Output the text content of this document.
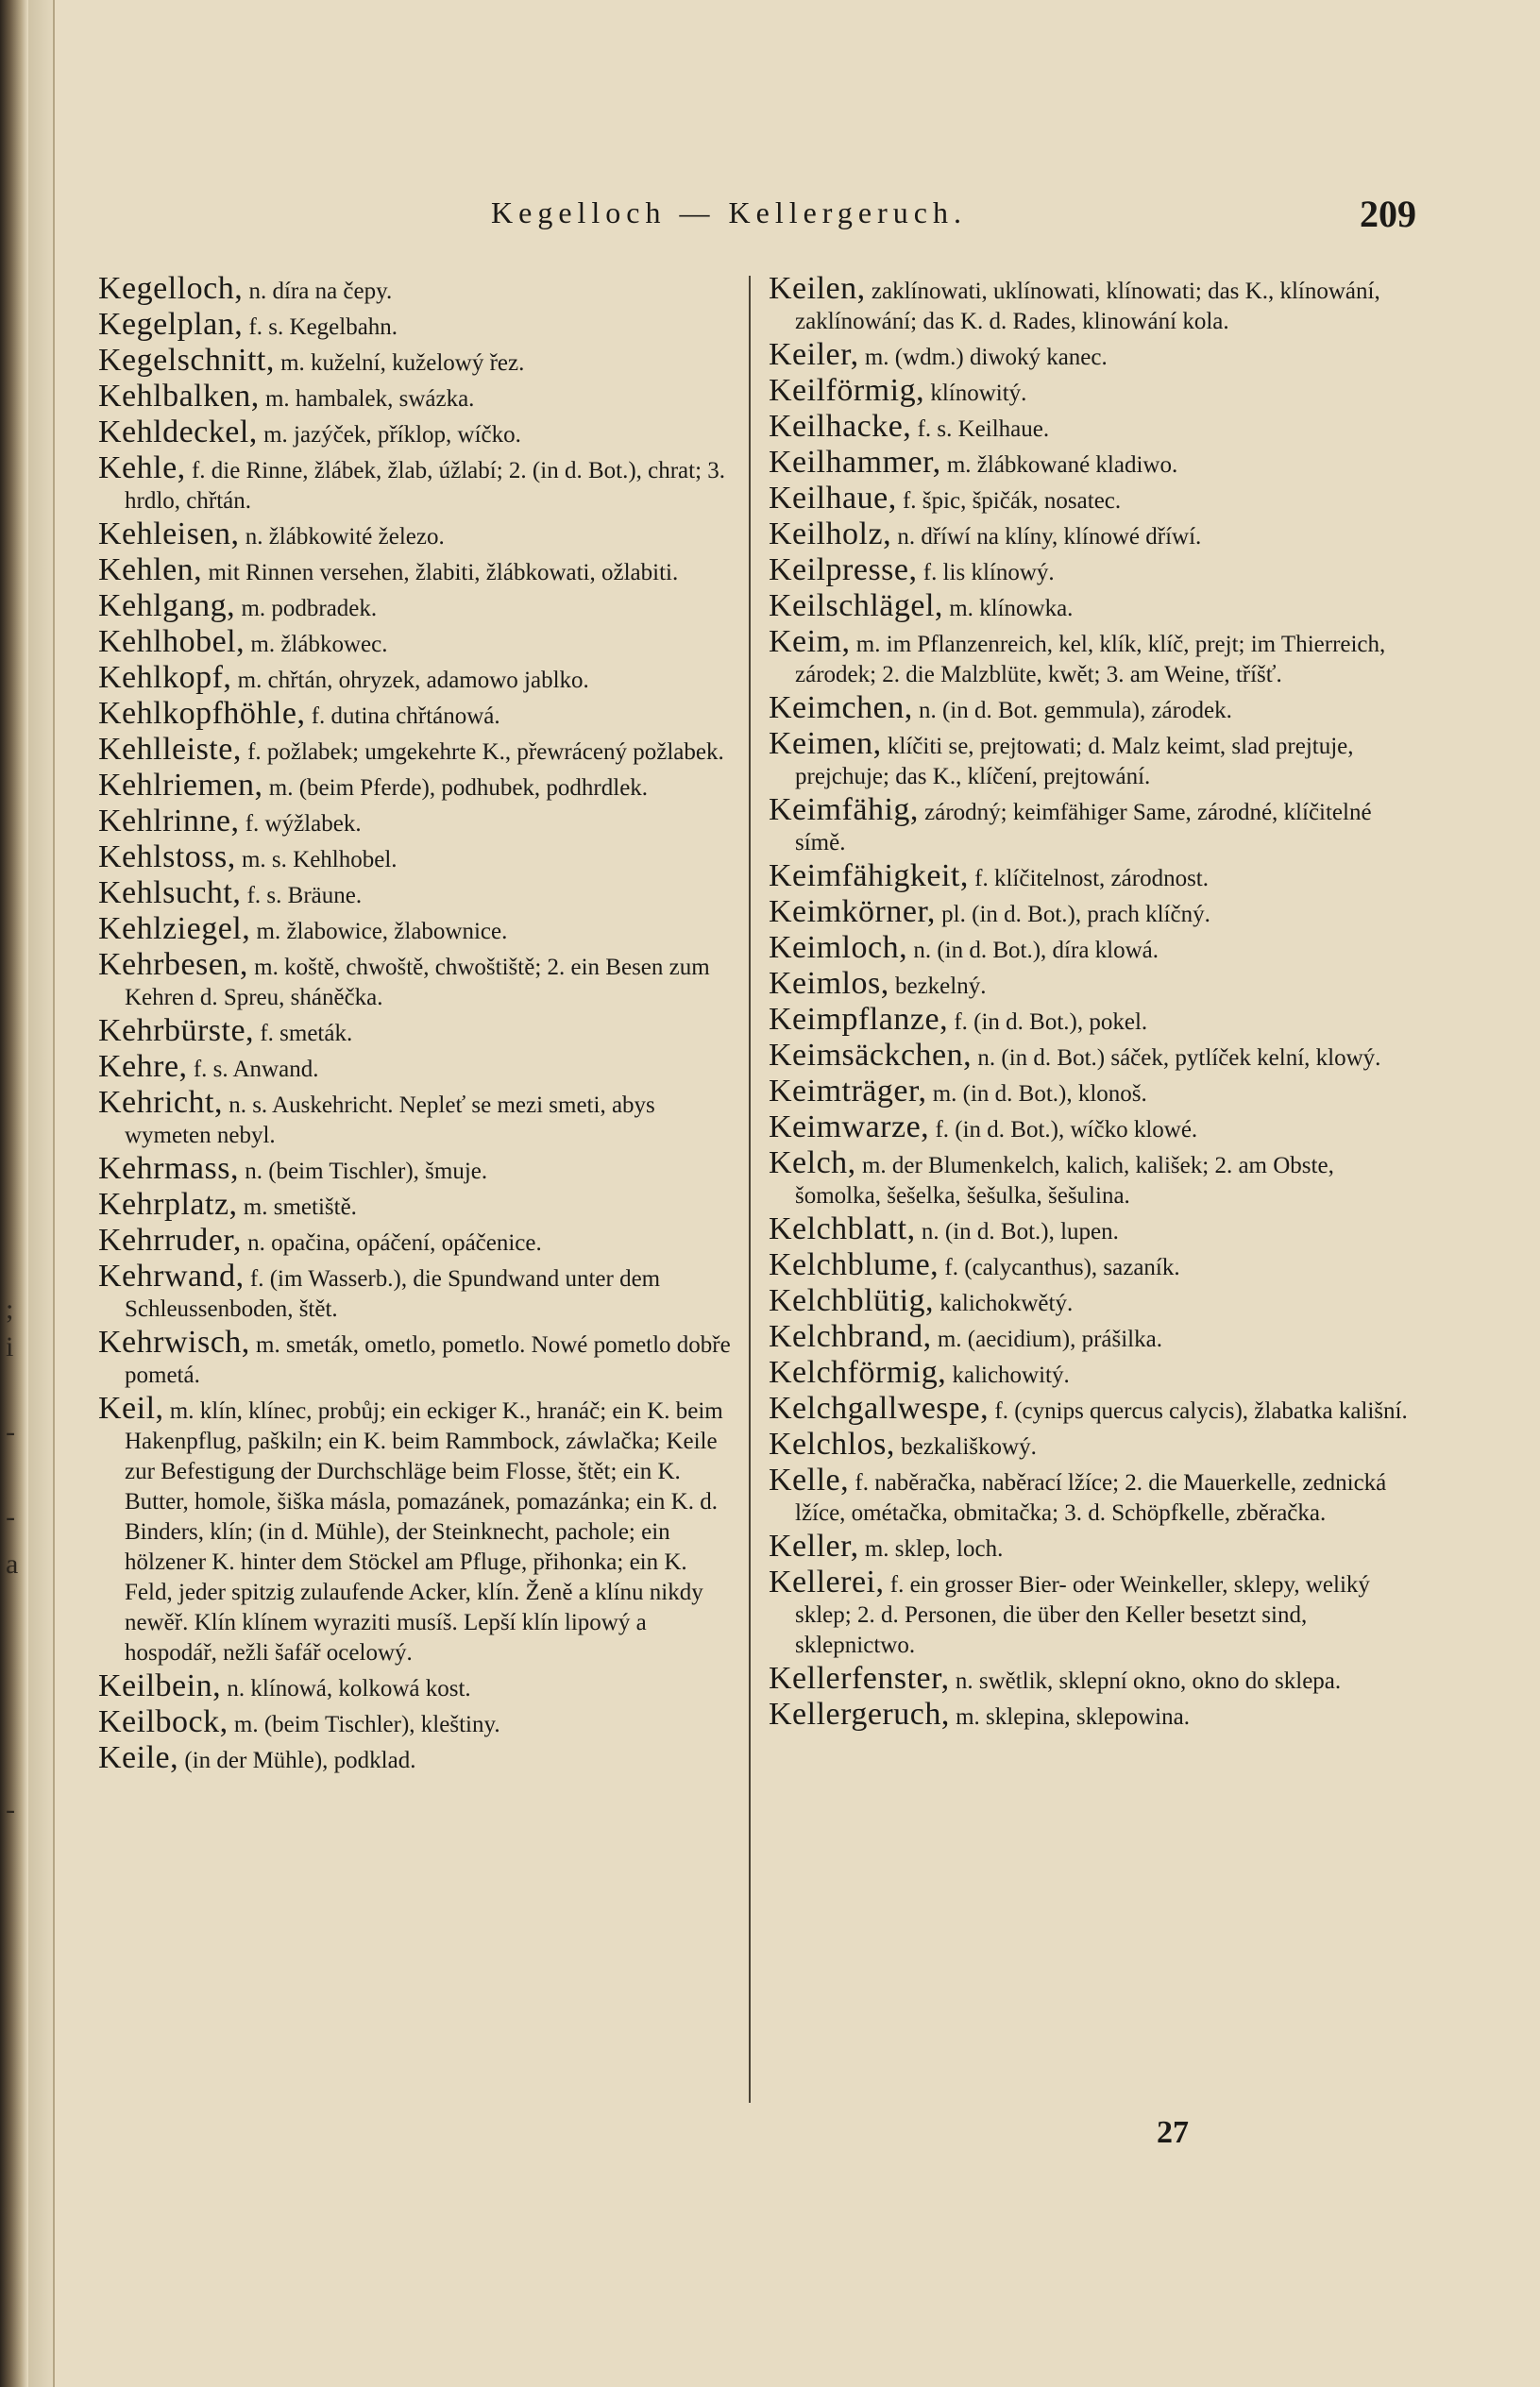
;
i
-
-
a
-
Kegelloch — Kellergeruch.	209
Kegelloch, n. díra na čepy.
Kegelplan, f. s. Kegelbahn.
Kegelschnitt, m. kuželní, kuželowý řez.
Kehlbalken, m. hambalek, swázka.
Kehldeckel, m. jazýček, příklop, wíčko.
Kehle, f. die Rinne, žlábek, žlab, úžlabí; 2. (in d. Bot.), chrat; 3. hrdlo, chřtán.
Kehleisen, n. žlábkowité železo.
Kehlen, mit Rinnen versehen, žlabiti, žlábkowati, ožlabiti.
Kehlgang, m. podbradek.
Kehlhobel, m. žlábkowec.
Kehlkopf, m. chřtán, ohryzek, adamowo jablko.
Kehlkopfhöhle, f. dutina chřtánowá.
Kehlleiste, f. požlabek; umgekehrte K., přewrácený požlabek.
Kehlriemen, m. (beim Pferde), podhubek, podhrdlek.
Kehlrinne, f. wýžlabek.
Kehlstoss, m. s. Kehlhobel.
Kehlsucht, f. s. Bräune.
Kehlziegel, m. žlabowice, žlabownice.
Kehrbesen, m. koště, chwoště, chwoštiště; 2. ein Besen zum Kehren d. Spreu, sháněčka.
Kehrbürste, f. smeták.
Kehre, f. s. Anwand.
Kehricht, n. s. Auskehricht. Nepleť se mezi smeti, abys wymeten nebyl.
Kehrmass, n. (beim Tischler), šmuje.
Kehrplatz, m. smetiště.
Kehrruder, n. opačina, opáčení, opáčenice.
Kehrwand, f. (im Wasserb.), die Spundwand unter dem Schleussenboden, štět.
Kehrwisch, m. smeták, ometlo, pometlo. Nowé pometlo dobře pometá.
Keil, m. klín, klínec, probůj; ein eckiger K., hranáč; ein K. beim Hakenpflug, paškiln; ein K. beim Rammbock, záwlačka; Keile zur Befestigung der Durchschläge beim Flosse, štět; ein K. Butter, homole, šiška másla, pomazánek, pomazánka; ein K. d. Binders, klín; (in d. Mühle), der Steinknecht, pachole; ein hölzener K. hinter dem Stöckel am Pfluge, přihonka; ein K. Feld, jeder spitzig zulaufende Acker, klín. Ženě a klínu nikdy newěř. Klín klínem wyraziti musíš. Lepší klín lipowý a hospodář, nežli šafář ocelowý.
Keilbein, n. klínowá, kolkowá kost.
Keilbock, m. (beim Tischler), kleštiny.
Keile, (in der Mühle), podklad.
Keilen, zaklínowati, uklínowati, klínowati; das K., klínowání, zaklínowání; das K. d. Rades, klinowání kola.
Keiler, m. (wdm.) diwoký kanec.
Keilförmig, klínowitý.
Keilhacke, f. s. Keilhaue.
Keilhammer, m. žlábkowané kladiwo.
Keilhaue, f. špic, špičák, nosatec.
Keilholz, n. dříwí na klíny, klínowé dříwí.
Keilpresse, f. lis klínowý.
Keilschlägel, m. klínowka.
Keim, m. im Pflanzenreich, kel, klík, klíč, prejt; im Thierreich, zárodek; 2. die Malzblüte, kwět; 3. am Weine, tříšť.
Keimchen, n. (in d. Bot. gemmula), zárodek.
Keimen, klíčiti se, prejtowati; d. Malz keimt, slad prejtuje, prejchuje; das K., klíčení, prejtowání.
Keimfähig, zárodný; keimfähiger Same, zárodné, klíčitelné símě.
Keimfähigkeit, f. klíčitelnost, zárodnost.
Keimkörner, pl. (in d. Bot.), prach klíčný.
Keimloch, n. (in d. Bot.), díra klowá.
Keimlos, bezkelný.
Keimpflanze, f. (in d. Bot.), pokel.
Keimsäckchen, n. (in d. Bot.) sáček, pytlíček kelní, klowý.
Keimträger, m. (in d. Bot.), klonoš.
Keimwarze, f. (in d. Bot.), wíčko klowé.
Kelch, m. der Blumenkelch, kalich, kališek; 2. am Obste, šomolka, šešelka, šešulka, šešulina.
Kelchblatt, n. (in d. Bot.), lupen.
Kelchblume, f. (calycanthus), sazaník.
Kelchblütig, kalichokwětý.
Kelchbrand, m. (aecidium), prášilka.
Kelchförmig, kalichowitý.
Kelchgallwespe, f. (cynips quercus calycis), žlabatka kališní.
Kelchlos, bezkališkowý.
Kelle, f. naběračka, naběrací lžíce; 2. die Mauerkelle, zednická lžíce, ométačka, obmitačka; 3. d. Schöpfkelle, zběračka.
Keller, m. sklep, loch.
Kellerei, f. ein grosser Bier- oder Weinkeller, sklepy, weliký sklep; 2. d. Personen, die über den Keller besetzt sind, sklepnictwo.
Kellerfenster, n. swětlik, sklepní okno, okno do sklepa.
Kellergeruch, m. sklepina, sklepowina.
27
